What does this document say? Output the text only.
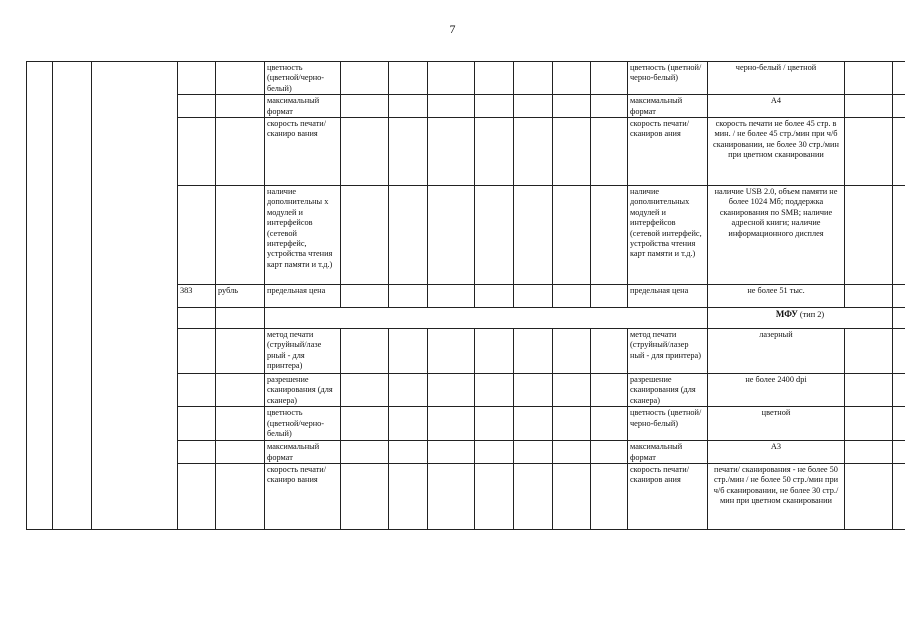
7
					цветность (цветной/черно-белый)								цветность (цветной/черно-белый)	черно-белый / цветной			
					максимальный формат								максимальный формат	A4			
					скорость печати/сканиро вания								скорость печати/сканиров ания	скорость печати не более 45 стр. в мин. / не более 45 стр./мин при ч/б сканировании, не более 30 стр./мин при цветном сканировании			
					наличие дополнительны х модулей и интерфейсов (сетевой интерфейс, устройства чтения карт памяти и т.д.)								наличие дополнительных модулей и интерфейсов (сетевой интерфейс, устройства чтения карт памяти и т.д.)	наличие USB 2.0, объем памяти не более 1024 Мб; поддержка сканирования по SMB; наличие адресной книги; наличие информационного дисплея			
			383	рубль	предельная цена								предельная цена	не более 51 тыс.			
														МФУ (тип 2)			
					метод печати (струйный/лазе рный - для принтера)								метод печати (струйный/лазер ный - для принтера)	лазерный			
					разрешение сканирования (для сканера)								разрешение сканирования (для сканера)	не более 2400 dpi			
					цветность (цветной/черно-белый)								цветность (цветной/черно-белый)	цветной			
					максимальный формат								максимальный формат	A3			
					скорость печати/сканиро вания								скорость печати/сканиров ания	печати/ сканирования - не более 50 стр./мин / не более 50 стр./мин при ч/б сканировании, не более 30 стр./мин при цветном сканировании			
